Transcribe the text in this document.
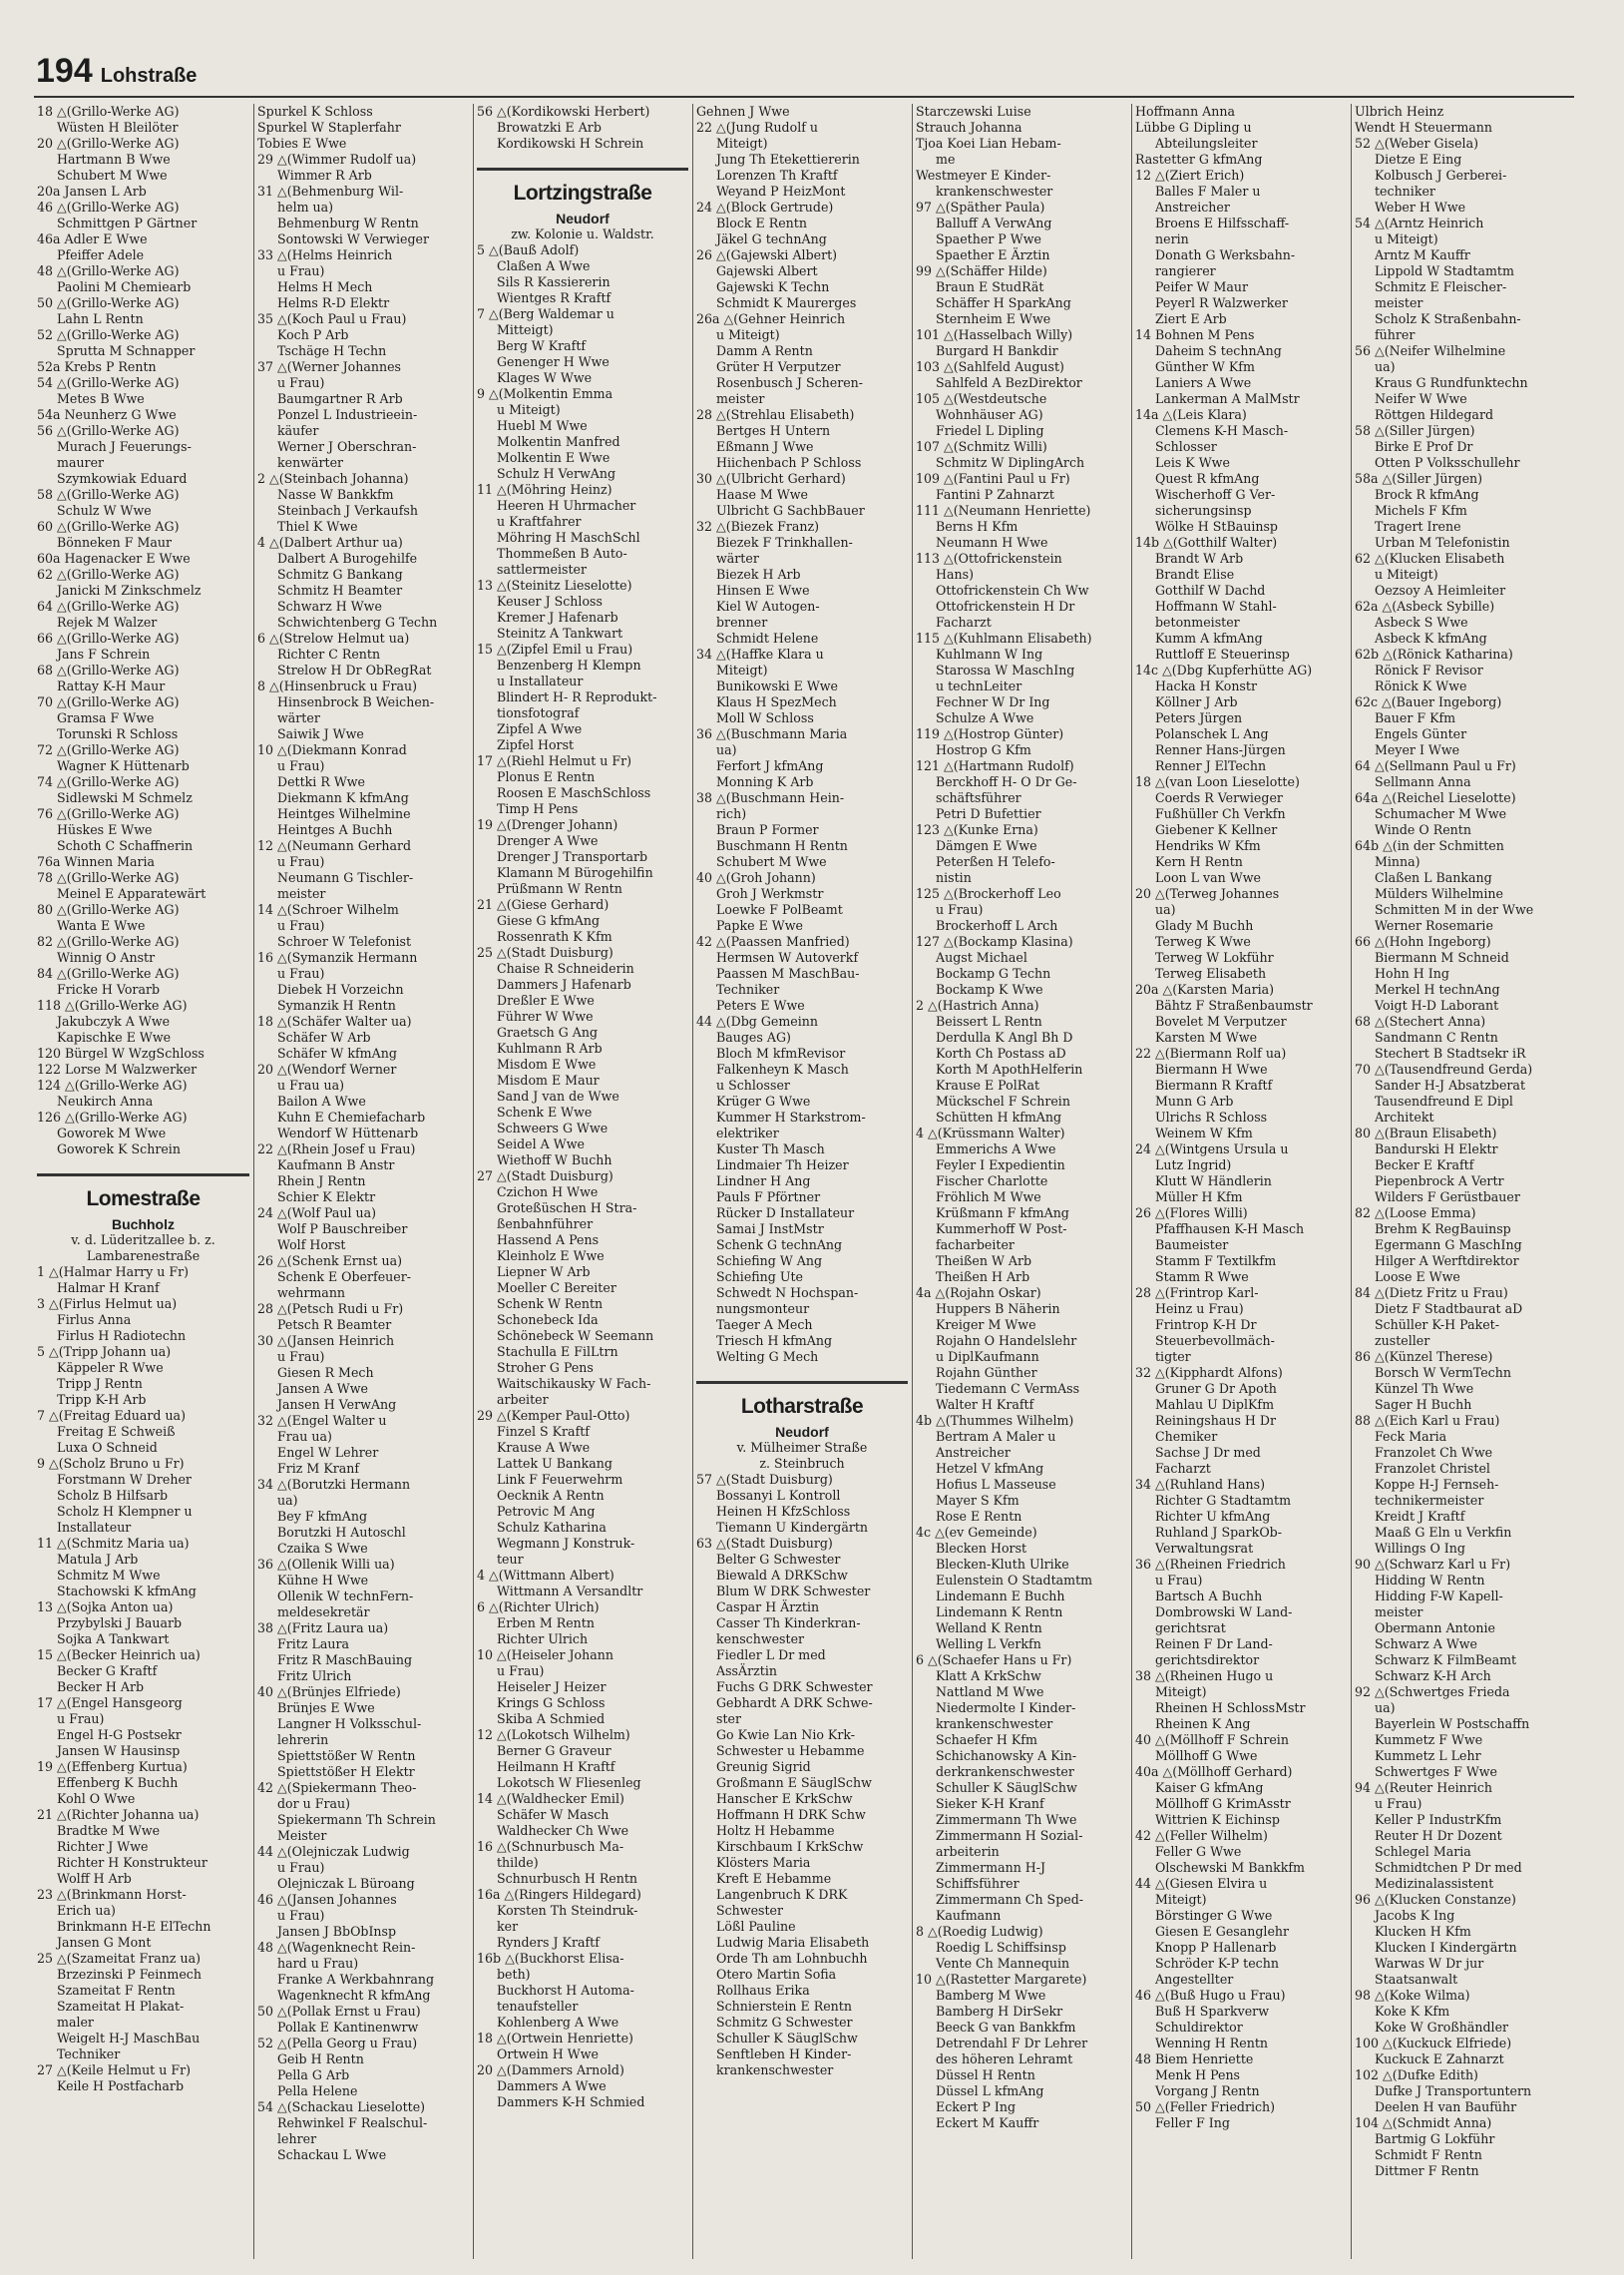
194 Lohstraße
18 △(Grillo-Werke AG)
Wüsten H Bleilöter
20 △(Grillo-Werke AG)
Hartmann B Wwe
Schubert M Wwe
20a Jansen L Arb
46 △(Grillo-Werke AG)
Schmittgen P Gärtner
46a Adler E Wwe
Pfeiffer Adele
48 △(Grillo-Werke AG)
Paolini M Chemiearb
50 △(Grillo-Werke AG)
Lahn L Rentn
52 △(Grillo-Werke AG)
Sprutta M Schnapper
52a Krebs P Rentn
54 △(Grillo-Werke AG)
Metes B Wwe
54a Neunherz G Wwe
56 △(Grillo-Werke AG)
Murach J Feuerungs-
maurer
Szymkowiak Eduard
58 △(Grillo-Werke AG)
Schulz W Wwe
60 △(Grillo-Werke AG)
Bönneken F Maur
60a Hagenacker E Wwe
62 △(Grillo-Werke AG)
Janicki M Zinkschmelz
64 △(Grillo-Werke AG)
Rejek M Walzer
66 △(Grillo-Werke AG)
Jans F Schrein
68 △(Grillo-Werke AG)
Rattay K-H Maur
70 △(Grillo-Werke AG)
Gramsa F Wwe
Torunski R Schloss
72 △(Grillo-Werke AG)
Wagner K Hüttenarb
74 △(Grillo-Werke AG)
Sidlewski M Schmelz
76 △(Grillo-Werke AG)
Hüskes E Wwe
Schoth C Schaffnerin
76a Winnen Maria
78 △(Grillo-Werke AG)
Meinel E Apparatewärt
80 △(Grillo-Werke AG)
Wanta E Wwe
82 △(Grillo-Werke AG)
Winnig O Anstr
84 △(Grillo-Werke AG)
Fricke H Vorarb
118 △(Grillo-Werke AG)
Jakubczyk A Wwe
Kapischke E Wwe
120 Bürgel W WzgSchloss
122 Lorse M Walzwerker
124 △(Grillo-Werke AG)
Neukirch Anna
126 △(Grillo-Werke AG)
Goworek M Wwe
Goworek K Schrein
Lomestraße
Buchholz
v. d. Lüderitzallee b. z.
Lambarenestraße
1 △(Halmar Harry u Fr)
Halmar H Kranf
3 △(Firlus Helmut ua)
Firlus Anna
Firlus H Radiotechn
5 △(Tripp Johann ua)
Käppeler R Wwe
Tripp J Rentn
Tripp K-H Arb
7 △(Freitag Eduard ua)
Freitag E Schweiß
Luxa O Schneid
9 △(Scholz Bruno u Fr)
Forstmann W Dreher
Scholz B Hilfsarb
Scholz H Klempner u
Installateur
11 △(Schmitz Maria ua)
Matula J Arb
Schmitz M Wwe
Stachowski K kfmAng
13 △(Sojka Anton ua)
Przybylski J Bauarb
Sojka A Tankwart
15 △(Becker Heinrich ua)
Becker G Kraftf
Becker H Arb
17 △(Engel Hansgeorg
u Frau)
Engel H-G Postsekr
Jansen W Hausinsp
19 △(Effenberg Kurtua)
Effenberg K Buchh
Kohl O Wwe
21 △(Richter Johanna ua)
Bradtke M Wwe
Richter J Wwe
Richter H Konstrukteur
Wolff H Arb
23 △(Brinkmann Horst-
Erich ua)
Brinkmann H-E ElTechn
Jansen G Mont
25 △(Szameitat Franz ua)
Brzezinski P Feinmech
Szameitat F Rentn
Szameitat H Plakat-
maler
Weigelt H-J MaschBau
Techniker
27 △(Keile Helmut u Fr)
Keile H Postfacharb
Spurkel K Schloss
Spurkel W Staplerfahr
Tobies E Wwe
29 △(Wimmer Rudolf ua)
Wimmer R Arb
31 △(Behmenburg Wil-
helm ua)
Behmenburg W Rentn
Sontowski W Verwieger
33 △(Helms Heinrich
u Frau)
Helms H Mech
Helms R-D Elektr
35 △(Koch Paul u Frau)
Koch P Arb
Tschäge H Techn
37 △(Werner Johannes
u Frau)
Baumgartner R Arb
Ponzel L Industrieein-
käufer
Werner J Oberschran-
kenwärter
2 △(Steinbach Johanna)
Nasse W Bankkfm
Steinbach J Verkaufsh
Thiel K Wwe
4 △(Dalbert Arthur ua)
Dalbert A Burogehilfe
Schmitz G Bankang
Schmitz H Beamter
Schwarz H Wwe
Schwichtenberg G Techn
6 △(Strelow Helmut ua)
Richter C Rentn
Strelow H Dr ObRegRat
8 △(Hinsenbruck u Frau)
Hinsenbrock B Weichen-
wärter
Saiwik J Wwe
10 △(Diekmann Konrad
u Frau)
Dettki R Wwe
Diekmann K kfmAng
Heintges Wilhelmine
Heintges A Buchh
12 △(Neumann Gerhard
u Frau)
Neumann G Tischler-
meister
14 △(Schroer Wilhelm
u Frau)
Schroer W Telefonist
16 △(Symanzik Hermann
u Frau)
Diebek H Vorzeichn
Symanzik H Rentn
18 △(Schäfer Walter ua)
Schäfer W Arb
Schäfer W kfmAng
20 △(Wendorf Werner
u Frau ua)
Bailon A Wwe
Kuhn E Chemiefacharb
Wendorf W Hüttenarb
22 △(Rhein Josef u Frau)
Kaufmann B Anstr
Rhein J Rentn
Schier K Elektr
24 △(Wolf Paul ua)
Wolf P Bauschreiber
Wolf Horst
26 △(Schenk Ernst ua)
Schenk E Oberfeuer-
wehrmann
28 △(Petsch Rudi u Fr)
Petsch R Beamter
30 △(Jansen Heinrich
u Frau)
Giesen R Mech
Jansen A Wwe
Jansen H VerwAng
32 △(Engel Walter u
Frau ua)
Engel W Lehrer
Friz M Kranf
34 △(Borutzki Hermann
ua)
Bey F kfmAng
Borutzki H Autoschl
Czaika S Wwe
36 △(Ollenik Willi ua)
Kühne H Wwe
Ollenik W technFern-
meldesekretär
38 △(Fritz Laura ua)
Fritz Laura
Fritz R MaschBauing
Fritz Ulrich
40 △(Brünjes Elfriede)
Brünjes E Wwe
Langner H Volksschul-
lehrerin
Spiettstößer W Rentn
Spiettstößer H Elektr
42 △(Spiekermann Theo-
dor u Frau)
Spiekermann Th Schrein
Meister
44 △(Olejniczak Ludwig
u Frau)
Olejniczak L Büroang
46 △(Jansen Johannes
u Frau)
Jansen J BbObInsp
48 △(Wagenknecht Rein-
hard u Frau)
Franke A Werkbahnrang
Wagenknecht R kfmAng
50 △(Pollak Ernst u Frau)
Pollak E Kantinenwrw
52 △(Pella Georg u Frau)
Geib H Rentn
Pella G Arb
Pella Helene
54 △(Schackau Lieselotte)
Rehwinkel F Realschul-
lehrer
Schackau L Wwe
56 △(Kordikowski Herbert)
Browatzki E Arb
Kordikowski H Schrein
Lortzingstraße
Neudorf
zw. Kolonie u. Waldstr.
5 △(Bauß Adolf)
Claßen A Wwe
Sils R Kassiererin
Wientges R Kraftf
7 △(Berg Waldemar u
Mitteigt)
Berg W Kraftf
Genenger H Wwe
Klages W Wwe
9 △(Molkentin Emma
u Miteigt)
Huebl M Wwe
Molkentin Manfred
Molkentin E Wwe
Schulz H VerwAng
11 △(Möhring Heinz)
Heeren H Uhrmacher
u Kraftfahrer
Möhring H MaschSchl
Thommeßen B Auto-
sattlermeister
13 △(Steinitz Lieselotte)
Keuser J Schloss
Kremer J Hafenarb
Steinitz A Tankwart
15 △(Zipfel Emil u Frau)
Benzenberg H Klempn
u Installateur
Blindert H- R Reprodukt-
tionsfotograf
Zipfel A Wwe
Zipfel Horst
17 △(Riehl Helmut u Fr)
Plonus E Rentn
Roosen E MaschSchloss
Timp H Pens
19 △(Drenger Johann)
Drenger A Wwe
Drenger J Transportarb
Klamann M Bürogehilfin
Prüßmann W Rentn
21 △(Giese Gerhard)
Giese G kfmAng
Rossenrath K Kfm
25 △(Stadt Duisburg)
Chaise R Schneiderin
Dammers J Hafenarb
Dreßler E Wwe
Führer W Wwe
Graetsch G Ang
Kuhlmann R Arb
Misdom E Wwe
Misdom E Maur
Sand J van de Wwe
Schenk E Wwe
Schweers G Wwe
Seidel A Wwe
Wiethoff W Buchh
27 △(Stadt Duisburg)
Czichon H Wwe
Groteßüschen H Stra-
ßenbahnführer
Hassend A Pens
Kleinholz E Wwe
Liepner W Arb
Moeller C Bereiter
Schenk W Rentn
Schonebeck Ida
Schönebeck W Seemann
Stachulla E FilLtrn
Stroher G Pens
Waitschikausky W Fach-
arbeiter
29 △(Kemper Paul-Otto)
Finzel S Kraftf
Krause A Wwe
Lattek U Bankang
Link F Feuerwehrm
Oecknik A Rentn
Petrovic M Ang
Schulz Katharina
Wegmann J Konstruk-
teur
4 △(Wittmann Albert)
Wittmann A Versandltr
6 △(Richter Ulrich)
Erben M Rentn
Richter Ulrich
10 △(Heiseler Johann
u Frau)
Heiseler J Heizer
Krings G Schloss
Skiba A Schmied
12 △(Lokotsch Wilhelm)
Berner G Graveur
Heilmann H Kraftf
Lokotsch W Fliesenleg
14 △(Waldhecker Emil)
Schäfer W Masch
Waldhecker Ch Wwe
16 △(Schnurbusch Ma-
thilde)
Schnurbusch H Rentn
16a △(Ringers Hildegard)
Korsten Th Steindruk-
ker
Rynders J Kraftf
16b △(Buckhorst Elisa-
beth)
Buckhorst H Automa-
tenaufsteller
Kohlenberg A Wwe
18 △(Ortwein Henriette)
Ortwein H Wwe
20 △(Dammers Arnold)
Dammers A Wwe
Dammers K-H Schmied
Gehnen J Wwe
22 △(Jung Rudolf u
Miteigt)
Jung Th Etekettiererin
Lorenzen Th Kraftf
Weyand P HeizMont
24 △(Block Gertrude)
Block E Rentn
Jäkel G technAng
26 △(Gajewski Albert)
Gajewski Albert
Gajewski K Techn
Schmidt K Maurerges
26a △(Gehner Heinrich
u Miteigt)
Damm A Rentn
Grüter H Verputzer
Rosenbusch J Scheren-
meister
28 △(Strehlau Elisabeth)
Bertges H Untern
Eßmann J Wwe
Hiichenbach P Schloss
30 △(Ulbricht Gerhard)
Haase M Wwe
Ulbricht G SachbBauer
32 △(Biezek Franz)
Biezek F Trinkhallen-
wärter
Biezek H Arb
Hinsen E Wwe
Kiel W Autogen-
brenner
Schmidt Helene
34 △(Haffke Klara u
Miteigt)
Bunikowski E Wwe
Klaus H SpezMech
Moll W Schloss
36 △(Buschmann Maria
ua)
Ferfort J kfmAng
Monning K Arb
38 △(Buschmann Hein-
rich)
Braun P Former
Buschmann H Rentn
Schubert M Wwe
40 △(Groh Johann)
Groh J Werkmstr
Loewke F PolBeamt
Papke E Wwe
42 △(Paassen Manfried)
Hermsen W Autoverkf
Paassen M MaschBau-
Techniker
Peters E Wwe
44 △(Dbg Gemeinn
Bauges AG)
Bloch M kfmRevisor
Falkenheyn K Masch
u Schlosser
Krüger G Wwe
Kummer H Starkstrom-
elektriker
Kuster Th Masch
Lindmaier Th Heizer
Lindner H Ang
Pauls F Pförtner
Rücker D Installateur
Samai J InstMstr
Schenk G technAng
Schiefing W Ang
Schiefing Ute
Schwedt N Hochspan-
nungsmonteur
Taeger A Mech
Triesch H kfmAng
Welting G Mech
Lotharstraße
Neudorf
v. Mülheimer Straße
z. Steinbruch
57 △(Stadt Duisburg)
Bossanyi L Kontroll
Heinen H KfzSchloss
Tiemann U Kindergärtn
63 △(Stadt Duisburg)
Belter G Schwester
Biewald A DRKSchw
Blum W DRK Schwester
Caspar H Ärztin
Casser Th Kinderkran-
kenschwester
Fiedler L Dr med
AssÄrztin
Fuchs G DRK Schwester
Gebhardt A DRK Schwe-
ster
Go Kwie Lan Nio Krk-
Schwester u Hebamme
Greunig Sigrid
Großmann E SäuglSchw
Hanscher E KrkSchw
Hoffmann H DRK Schw
Holtz H Hebamme
Kirschbaum I KrkSchw
Klösters Maria
Kreft E Hebamme
Langenbruch K DRK
Schwester
Lößl Pauline
Ludwig Maria Elisabeth
Orde Th am Lohnbuchh
Otero Martin Sofia
Rollhaus Erika
Schnierstein E Rentn
Schmitz G Schwester
Schuller K SäuglSchw
Senftleben H Kinder-
krankenschwester
Starczewski Luise
Strauch Johanna
Tjoa Koei Lian Hebam-
me
Westmeyer E Kinder-
krankenschwester
97 △(Späther Paula)
Balluff A VerwAng
Spaether P Wwe
Spaether E Ärztin
99 △(Schäffer Hilde)
Braun E StudRät
Schäffer H SparkAng
Sternheim E Wwe
101 △(Hasselbach Willy)
Burgard H Bankdir
103 △(Sahlfeld August)
Sahlfeld A BezDirektor
105 △(Westdeutsche
Wohnhäuser AG)
Friedel L Dipling
107 △(Schmitz Willi)
Schmitz W DiplingArch
109 △(Fantini Paul u Fr)
Fantini P Zahnarzt
111 △(Neumann Henriette)
Berns H Kfm
Neumann H Wwe
113 △(Ottofrickenstein
Hans)
Ottofrickenstein Ch Ww
Ottofrickenstein H Dr
Facharzt
115 △(Kuhlmann Elisabeth)
Kuhlmann W Ing
Starossa W MaschIng
u technLeiter
Fechner W Dr Ing
Schulze A Wwe
119 △(Hostrop Günter)
Hostrop G Kfm
121 △(Hartmann Rudolf)
Berckhoff H- O Dr Ge-
schäftsführer
Petri D Bufettier
123 △(Kunke Erna)
Dämgen E Wwe
Peterßen H Telefo-
nistin
125 △(Brockerhoff Leo
u Frau)
Brockerhoff L Arch
127 △(Bockamp Klasina)
Augst Michael
Bockamp G Techn
Bockamp K Wwe
2 △(Hastrich Anna)
Beissert L Rentn
Derdulla K Angl Bh D
Korth Ch Postass aD
Korth M ApothHelferin
Krause E PolRat
Mückschel F Schrein
Schütten H kfmAng
4 △(Krüssmann Walter)
Emmerichs A Wwe
Feyler I Expedientin
Fischer Charlotte
Fröhlich M Wwe
Krüßmann F kfmAng
Kummerhoff W Post-
facharbeiter
Theißen W Arb
Theißen H Arb
4a △(Rojahn Oskar)
Huppers B Näherin
Kreiger M Wwe
Rojahn O Handelslehr
u DiplKaufmann
Rojahn Günther
Tiedemann C VermAss
Walter H Kraftf
4b △(Thummes Wilhelm)
Bertram A Maler u
Anstreicher
Hetzel V kfmAng
Hofius L Masseuse
Mayer S Kfm
Rose E Rentn
4c △(ev Gemeinde)
Blecken Horst
Blecken-Kluth Ulrike
Eulenstein O Stadtamtm
Lindemann E Buchh
Lindemann K Rentn
Welland K Rentn
Welling L Verkfn
6 △(Schaefer Hans u Fr)
Klatt A KrkSchw
Nattland M Wwe
Niedermolte I Kinder-
krankenschwester
Schaefer H Kfm
Schichanowsky A Kin-
derkrankenschwester
Schuller K SäuglSchw
Sieker K-H Kranf
Zimmermann Th Wwe
Zimmermann H Sozial-
arbeiterin
Zimmermann H-J
Schiffsführer
Zimmermann Ch Sped-
Kaufmann
8 △(Roedig Ludwig)
Roedig L Schiffsinsp
Vente Ch Mannequin
10 △(Rastetter Margarete)
Bamberg M Wwe
Bamberg H DirSekr
Beeck G van Bankkfm
Detrendahl F Dr Lehrer
des höheren Lehramt
Düssel H Rentn
Düssel L kfmAng
Eckert P Ing
Eckert M Kauffr
Hoffmann Anna
Lübbe G Dipling u
Abteilungsleiter
Rastetter G kfmAng
12 △(Ziert Erich)
Balles F Maler u
Anstreicher
Broens E Hilfsschaff-
nerin
Donath G Werksbahn-
rangierer
Peifer W Maur
Peyerl R Walzwerker
Ziert E Arb
14 Bohnen M Pens
Daheim S technAng
Günther W Kfm
Laniers A Wwe
Lankerman A MalMstr
14a △(Leis Klara)
Clemens K-H Masch-
Schlosser
Leis K Wwe
Quest R kfmAng
Wischerhoff G Ver-
sicherungsinsp
Wölke H StBauinsp
14b △(Gotthilf Walter)
Brandt W Arb
Brandt Elise
Gotthilf W Dachd
Hoffmann W Stahl-
betonmeister
Kumm A kfmAng
Ruttloff E Steuerinsp
14c △(Dbg Kupferhütte AG)
Hacka H Konstr
Köllner J Arb
Peters Jürgen
Polanschek L Ang
Renner Hans-Jürgen
Renner J ElTechn
18 △(van Loon Lieselotte)
Coerds R Verwieger
Fußhüller Ch Verkfn
Giebener K Kellner
Hendriks W Kfm
Kern H Rentn
Loon L van Wwe
20 △(Terweg Johannes
ua)
Glady M Buchh
Terweg K Wwe
Terweg W Lokführ
Terweg Elisabeth
20a △(Karsten Maria)
Bähtz F Straßenbaumstr
Bovelet M Verputzer
Karsten M Wwe
22 △(Biermann Rolf ua)
Biermann H Wwe
Biermann R Kraftf
Munn G Arb
Ulrichs R Schloss
Weinem W Kfm
24 △(Wintgens Ursula u
Lutz Ingrid)
Klutt W Händlerin
Müller H Kfm
26 △(Flores Willi)
Pfaffhausen K-H Masch
Baumeister
Stamm F Textilkfm
Stamm R Wwe
28 △(Frintrop Karl-
Heinz u Frau)
Frintrop K-H Dr
Steuerbevollmäch-
tigter
32 △(Kipphardt Alfons)
Gruner G Dr Apoth
Mahlau U DiplKfm
Reiningshaus H Dr
Chemiker
Sachse J Dr med
Facharzt
34 △(Ruhland Hans)
Richter G Stadtamtm
Richter U kfmAng
Ruhland J SparkOb-
Verwaltungsrat
36 △(Rheinen Friedrich
u Frau)
Bartsch A Buchh
Dombrowski W Land-
gerichtsrat
Reinen F Dr Land-
gerichtsdirektor
38 △(Rheinen Hugo u
Miteigt)
Rheinen H SchlossMstr
Rheinen K Ang
40 △(Möllhoff F Schrein
Möllhoff G Wwe
40a △(Möllhoff Gerhard)
Kaiser G kfmAng
Möllhoff G KrimAsstr
Wittrien K Eichinsp
42 △(Feller Wilhelm)
Feller G Wwe
Olschewski M Bankkfm
44 △(Giesen Elvira u
Miteigt)
Börstinger G Wwe
Giesen E Gesanglehr
Knopp P Hallenarb
Schröder K-P techn
Angestellter
46 △(Buß Hugo u Frau)
Buß H Sparkverw
Schuldirektor
Wenning H Rentn
48 Biem Henriette
Menk H Pens
Vorgang J Rentn
50 △(Feller Friedrich)
Feller F Ing
Ulbrich Heinz
Wendt H Steuermann
52 △(Weber Gisela)
Dietze E Eing
Kolbusch J Gerberei-
techniker
Weber H Wwe
54 △(Arntz Heinrich
u Miteigt)
Arntz M Kauffr
Lippold W Stadtamtm
Schmitz E Fleischer-
meister
Scholz K Straßenbahn-
führer
56 △(Neifer Wilhelmine
ua)
Kraus G Rundfunktechn
Neifer W Wwe
Röttgen Hildegard
58 △(Siller Jürgen)
Birke E Prof Dr
Otten P Volksschullehr
58a △(Siller Jürgen)
Brock R kfmAng
Michels F Kfm
Tragert Irene
Urban M Telefonistin
62 △(Klucken Elisabeth
u Miteigt)
Oezsoy A Heimleiter
62a △(Asbeck Sybille)
Asbeck S Wwe
Asbeck K kfmAng
62b △(Rönick Katharina)
Rönick F Revisor
Rönick K Wwe
62c △(Bauer Ingeborg)
Bauer F Kfm
Engels Günter
Meyer I Wwe
64 △(Sellmann Paul u Fr)
Sellmann Anna
64a △(Reichel Lieselotte)
Schumacher M Wwe
Winde O Rentn
64b △(in der Schmitten
Minna)
Claßen L Bankang
Mülders Wilhelmine
Schmitten M in der Wwe
Werner Rosemarie
66 △(Hohn Ingeborg)
Biermann M Schneid
Hohn H Ing
Merkel H technAng
Voigt H-D Laborant
68 △(Stechert Anna)
Sandmann C Rentn
Stechert B Stadtsekr iR
70 △(Tausendfreund Gerda)
Sander H-J Absatzberat
Tausendfreund E Dipl
Architekt
80 △(Braun Elisabeth)
Bandurski H Elektr
Becker E Kraftf
Piepenbrock A Vertr
Wilders F Gerüstbauer
82 △(Loose Emma)
Brehm K RegBauinsp
Egermann G MaschIng
Hilger A Werftdirektor
Loose E Wwe
84 △(Dietz Fritz u Frau)
Dietz F Stadtbaurat aD
Schüller K-H Paket-
zusteller
86 △(Künzel Therese)
Borsch W VermTechn
Künzel Th Wwe
Sager H Buchh
88 △(Eich Karl u Frau)
Feck Maria
Franzolet Ch Wwe
Franzolet Christel
Koppe H-J Fernseh-
technikermeister
Kreidt J Kraftf
Maaß G Eln u Verkfin
Willings O Ing
90 △(Schwarz Karl u Fr)
Hidding W Rentn
Hidding F-W Kapell-
meister
Obermann Antonie
Schwarz A Wwe
Schwarz K FilmBeamt
Schwarz K-H Arch
92 △(Schwertges Frieda
ua)
Bayerlein W Postschaffn
Kummetz F Wwe
Kummetz L Lehr
Schwertges F Wwe
94 △(Reuter Heinrich
u Frau)
Keller P IndustrKfm
Reuter H Dr Dozent
Schlegel Maria
Schmidtchen P Dr med
Medizinalassistent
96 △(Klucken Constanze)
Jacobs K Ing
Klucken H Kfm
Klucken I Kindergärtn
Warwas W Dr jur
Staatsanwalt
98 △(Koke Wilma)
Koke K Kfm
Koke W Großhändler
100 △(Kuckuck Elfriede)
Kuckuck E Zahnarzt
102 △(Dufke Edith)
Dufke J Transportuntern
Deelen H van Bauführ
104 △(Schmidt Anna)
Bartmig G Lokführ
Schmidt F Rentn
Dittmer F Rentn
